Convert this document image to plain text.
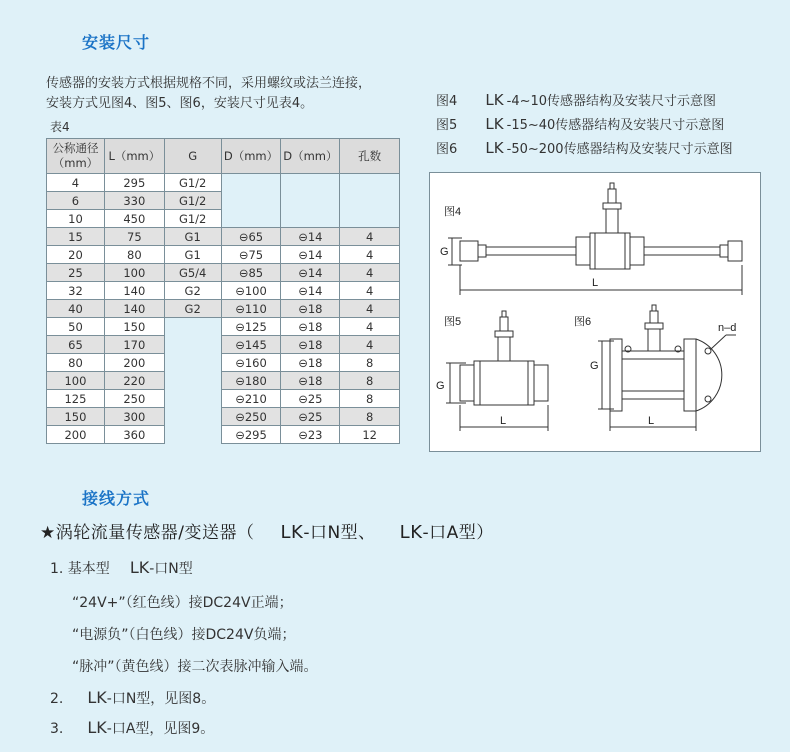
安装尺寸
传感器的安装方式根据规格不同，采用螺纹或法兰连接，
安装方式见图4、图5、图6，安装尺寸见表4。
表4
图4 LK -4~10传感器结构及安装尺寸示意图
图5 LK -15~40传感器结构及安装尺寸示意图
图6 LK -50~200传感器结构及安装尺寸示意图
公称通径（mm）	L（mm）	G	D（mm）	D（mm）	孔数
4	295	G1/2			
6	330	G1/2			
10	450	G1/2			
15	75	G1	⊖65	⊖14	4
20	80	G1	⊖75	⊖14	4
25	100	G5/4	⊖85	⊖14	4
32	140	G2	⊖100	⊖14	4
40	140	G2	⊖110	⊖18	4
50	150		⊖125	⊖18	4
65	170		⊖145	⊖18	4
80	200		⊖160	⊖18	8
100	220		⊖180	⊖18	8
125	250		⊖210	⊖25	8
150	300		⊖250	⊖25	8
200	360		⊖295	⊖23	12
图4
G
L
图5
G
L
图6
G
L
n–d
接线方式
★涡轮流量传感器/变送器（ LK-口N型、 LK-口A型）
1. 基本型 LK-口N型
“24V+”（红色线）接DC24V正端；
“电源负”（白色线）接DC24V负端；
“脉冲”（黄色线）接二次表脉冲输入端。
2. LK-口N型，见图8。
3. LK-口A型，见图9。
